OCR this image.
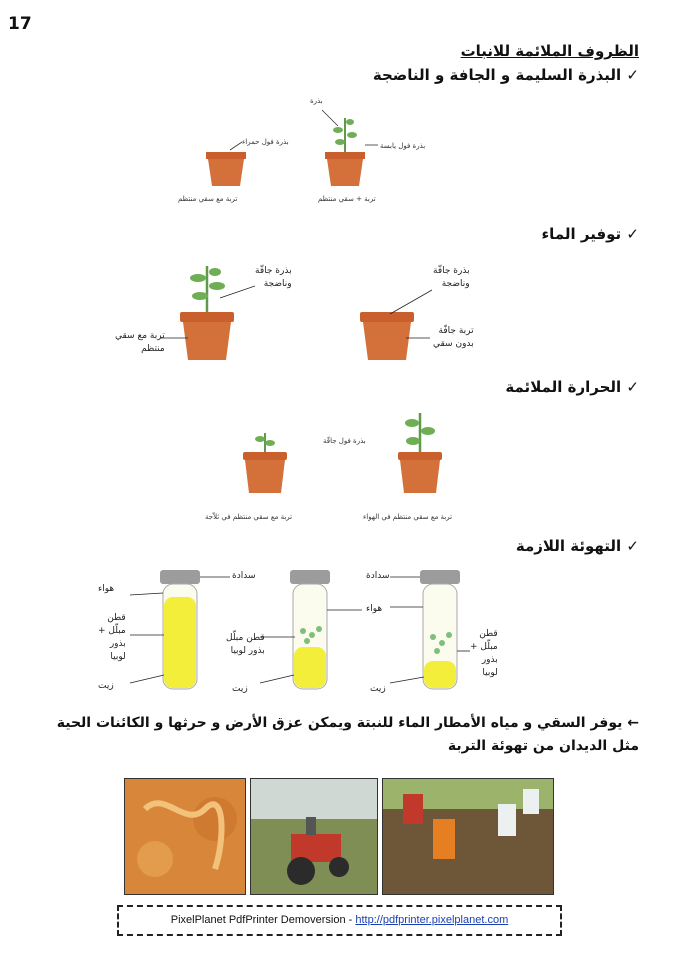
17
الظروف الملائمة للانبات
✓ البذرة السليمة و الجافة و الناضجة
بذرة
بذرة فول حمراء	بذرة فول يابسة
تربة مع سقي منتظم	تربة + سقي منتظم
✓ توفير الماء
بذرة جافّة
وناضجة
تربة مع سقي
منتظم
بذرة جافّة
وناضجة
تربة جافّة
بدون سقي
✓ الحرارة الملائمة
بذرة فول جافّة
تربة مع سقي منتظم في ثلاّجة	تربة مع سقي منتظم في الهواء
✓ التهوئة اللازمة
سدادة
هواء
قطن
مبلّل +
بذور
لوبيا
زيت
هواء
قطن مبلّل
بذور لوبيا
زيت
سدادة
قطن
مبلّل +
بذور
لوبيا
زيت
← يوفر السقي و مياه الأمطار الماء للنبتة ويمكن عزق الأرض و حرثها و الكائنات الحية مثل الديدان من تهوئة التربة
PixelPlanet PdfPrinter Demoversion - http://pdfprinter.pixelplanet.com
